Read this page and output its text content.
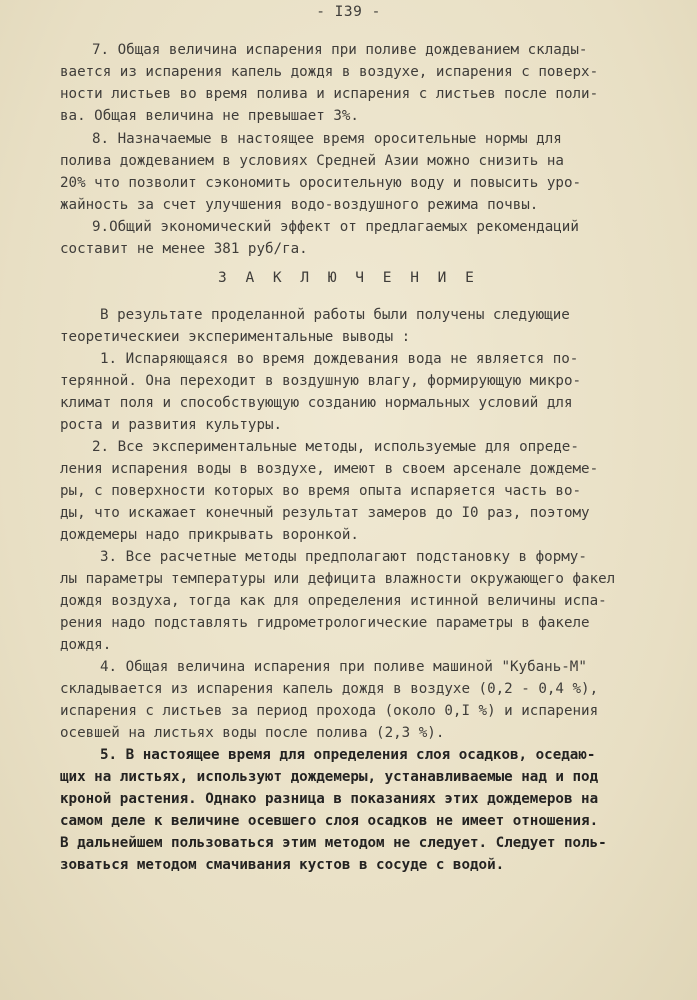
- I39 -
7. Общая величина испарения при поливе дождеванием склады-
вается из испарения капель дождя в воздухе, испарения с поверх-
ности листьев во время полива и испарения с листьев после поли-
ва. Общая величина не превышает 3%.
8. Назначаемые в настоящее время оросительные нормы для
полива дождеванием в условиях Средней Азии можно снизить на
20% что позволит сэкономить оросительную воду и повысить уро-
жайность за счет улучшения водо-воздушного режима почвы.
9.Общий экономический эффект от предлагаемых рекомендаций
составит не менее 381 руб/га.
З А К Л Ю Ч Е Н И Е
В результате проделанной работы были получены следующие
теоретическиеи экспериментальные выводы :
1. Испаряющаяся во время дождевания вода не является по-
терянной. Она переходит в воздушную влагу, формирующую микро-
климат поля и способствующую созданию нормальных условий для
роста и развития культуры.
2. Все экспериментальные методы, используемые для опреде-
ления испарения воды в воздухе, имеют в своем арсенале дождеме-
ры, с поверхности которых во время опыта испаряется часть во-
ды, что искажает конечный результат замеров до I0 раз, поэтому
дождемеры надо прикрывать воронкой.
3. Все расчетные методы предполагают подстановку в форму-
лы параметры температуры или дефицита влажности окружающего факел
дождя воздуха, тогда как для определения истинной величины испа-
рения надо подставлять гидрометрологические параметры в факеле
дождя.
4. Общая величина испарения при поливе машиной "Кубань-М"
складывается из испарения капель дождя в воздухе (0,2 - 0,4 %),
испарения с листьев за период прохода (около 0,I %) и испарения
осевшей на листьях воды после полива (2,3 %).
5. В настоящее время для определения слоя осадков, оседаю-
щих на листьях, используют дождемеры, устанавливаемые над и под
кроной растения. Однако разница в показаниях этих дождемеров на
самом деле к величине осевшего слоя осадков не имеет отношения.
В дальнейшем пользоваться этим методом не следует. Следует поль-
зоваться методом смачивания кустов в сосуде с водой.
